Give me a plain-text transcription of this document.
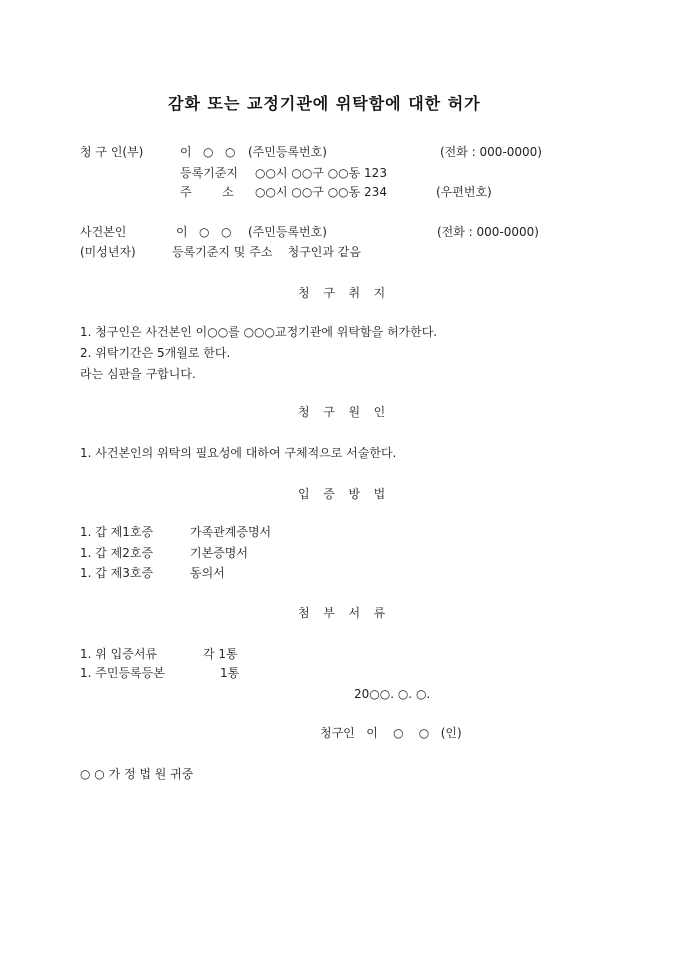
감화 또는 교정기관에 위탁함에 대한 허가
청 구 인(부)	이   ○   ○ (주민등록번호)	(전화 : 000-0000)
등록기준지 ○○시 ○○구 ○○동 123
주        소 ○○시 ○○구 ○○동 234	(우편번호)
사건본인	이   ○   ○ (주민등록번호)	(전화 : 000-0000)
(미성년자)	등록기준지 및 주소    청구인과 같음
청  구  취  지
1. 청구인은 사건본인 이○○를 ○○○교정기관에 위탁함을 허가한다.
2. 위탁기간은 5개월로 한다.
라는 심판을 구합니다.
청  구  원  인
1. 사건본인의 위탁의 필요성에 대하여 구체적으로 서술한다.
입  증  방  법
1. 갑 제1호증	가족관계증명서
1. 갑 제2호증	기본증명서
1. 갑 제3호증	동의서
첨  부  서  류
1. 위 입증서류	각 1통
1. 주민등록등본	1통
20○○. ○. ○.
청구인   이    ○    ○   (인)
○ ○ 가 정 법 원 귀중
